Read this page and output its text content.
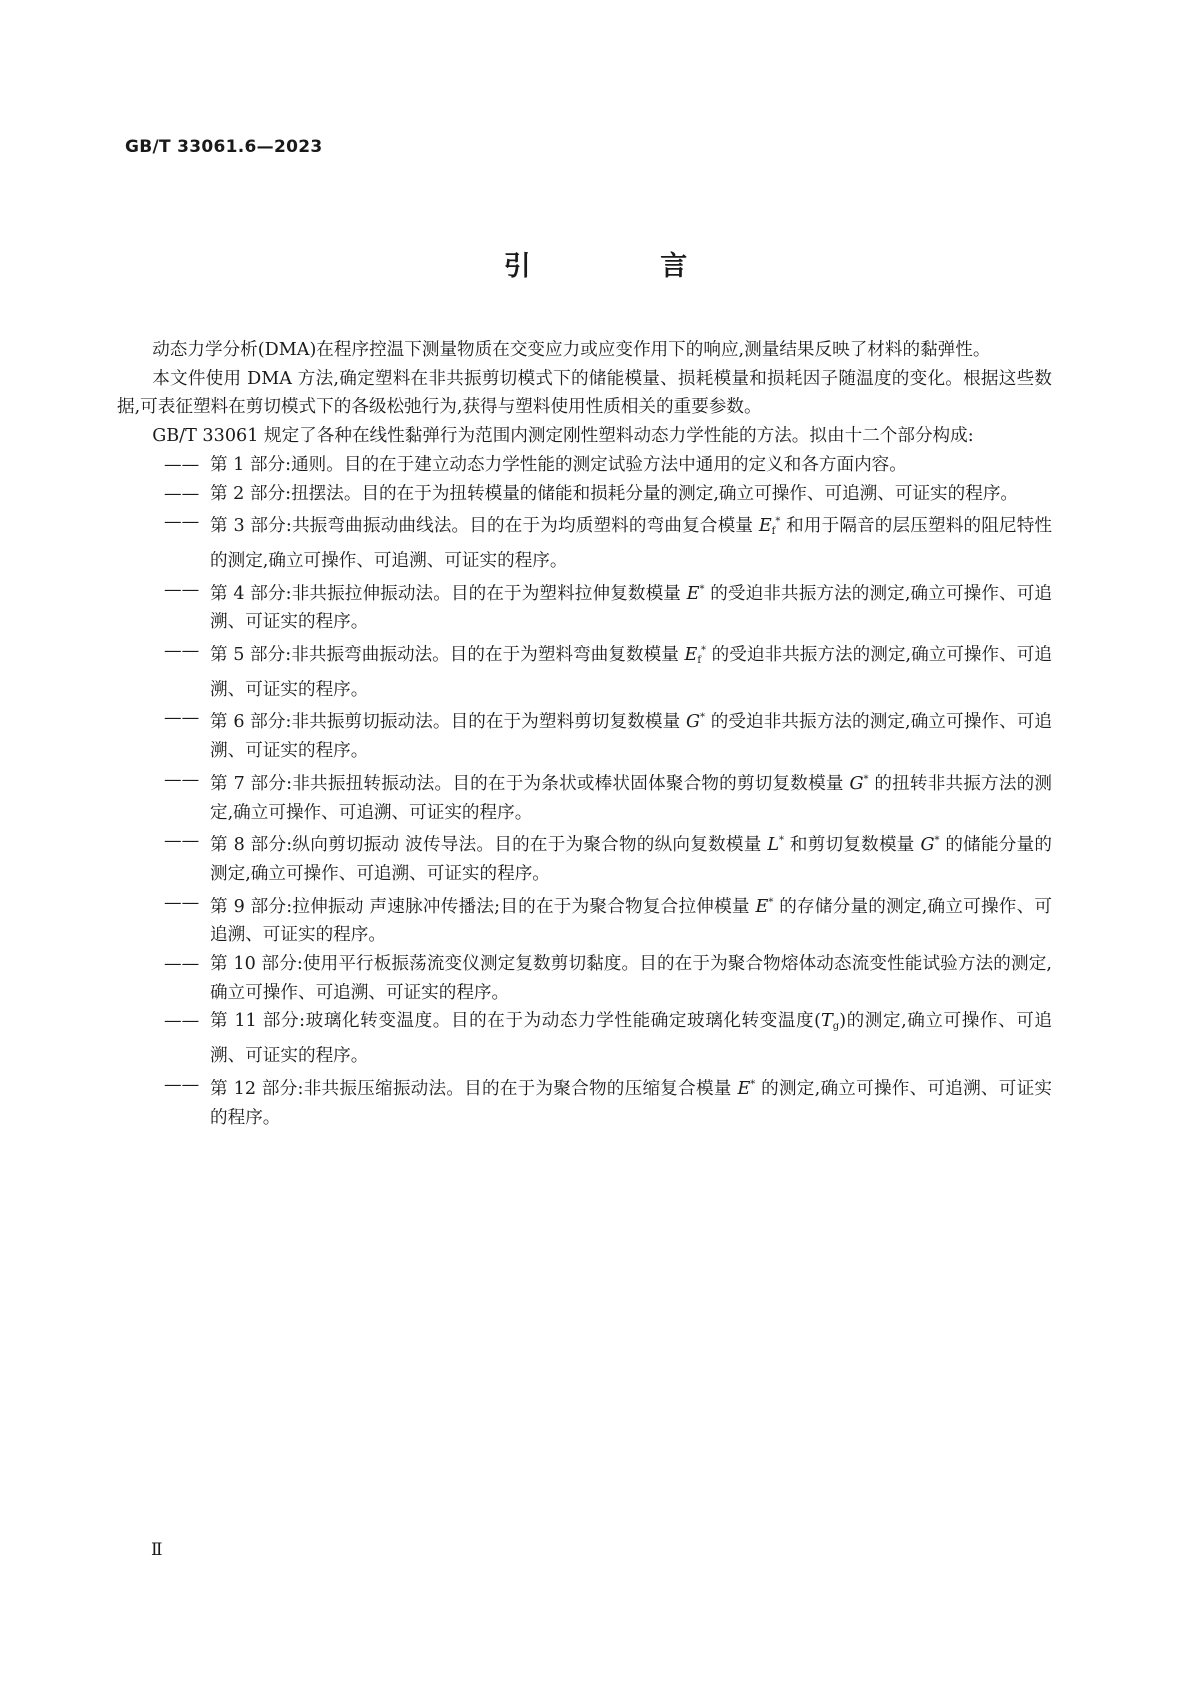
GB/T 33061.6—2023
引 言

动态力学分析(DMA)在程序控温下测量物质在交变应力或应变作用下的响应,测量结果反映了材料的黏弹性。

本文件使用 DMA 方法,确定塑料在非共振剪切模式下的储能模量、损耗模量和损耗因子随温度的变化。根据这些数据,可表征塑料在剪切模式下的各级松弛行为,获得与塑料使用性质相关的重要参数。

GB/T 33061 规定了各种在线性黏弹行为范围内测定刚性塑料动态力学性能的方法。拟由十二个部分构成:

—— 第 1 部分:通则。目的在于建立动态力学性能的测定试验方法中通用的定义和各方面内容。

—— 第 2 部分:扭摆法。目的在于为扭转模量的储能和损耗分量的测定,确立可操作、可追溯、可证实的程序。

—— 第 3 部分:共振弯曲振动曲线法。目的在于为均质塑料的弯曲复合模量 $E_f^*$ 和用于隔音的层压塑料的阻尼特性的测定,确立可操作、可追溯、可证实的程序。

—— 第 4 部分:非共振拉伸振动法。目的在于为塑料拉伸复数模量 E* 的受迫非共振方法的测定,确立可操作、可追溯、可证实的程序。

—— 第 5 部分:非共振弯曲振动法。目的在于为塑料弯曲复数模量 $E_f^*$ 的受迫非共振方法的测定,确立可操作、可追溯、可证实的程序。

—— 第 6 部分:非共振剪切振动法。目的在于为塑料剪切复数模量 G* 的受迫非共振方法的测定,确立可操作、可追溯、可证实的程序。

—— 第 7 部分:非共振扭转振动法。目的在于为条状或棒状固体聚合物的剪切复数模量 G* 的扭转非共振方法的测定,确立可操作、可追溯、可证实的程序。

—— 第 8 部分:纵向剪切振动 波传导法。目的在于为聚合物的纵向复数模量 L* 和剪切复数模量 G* 的储能分量的测定,确立可操作、可追溯、可证实的程序。

—— 第 9 部分:拉伸振动 声速脉冲传播法;目的在于为聚合物复合拉伸模量 E* 的存储分量的测定,确立可操作、可追溯、可证实的程序。

—— 第 10 部分:使用平行板振荡流变仪测定复数剪切黏度。目的在于为聚合物熔体动态流变性能试验方法的测定,确立可操作、可追溯、可证实的程序。

—— 第 11 部分:玻璃化转变温度。目的在于为动态力学性能确定玻璃化转变温度$(T_g)$的测定,确立可操作、可追溯、可证实的程序。

—— 第 12 部分:非共振压缩振动法。目的在于为聚合物的压缩复合模量 E* 的测定,确立可操作、可追溯、可证实的程序。

Ⅱ
